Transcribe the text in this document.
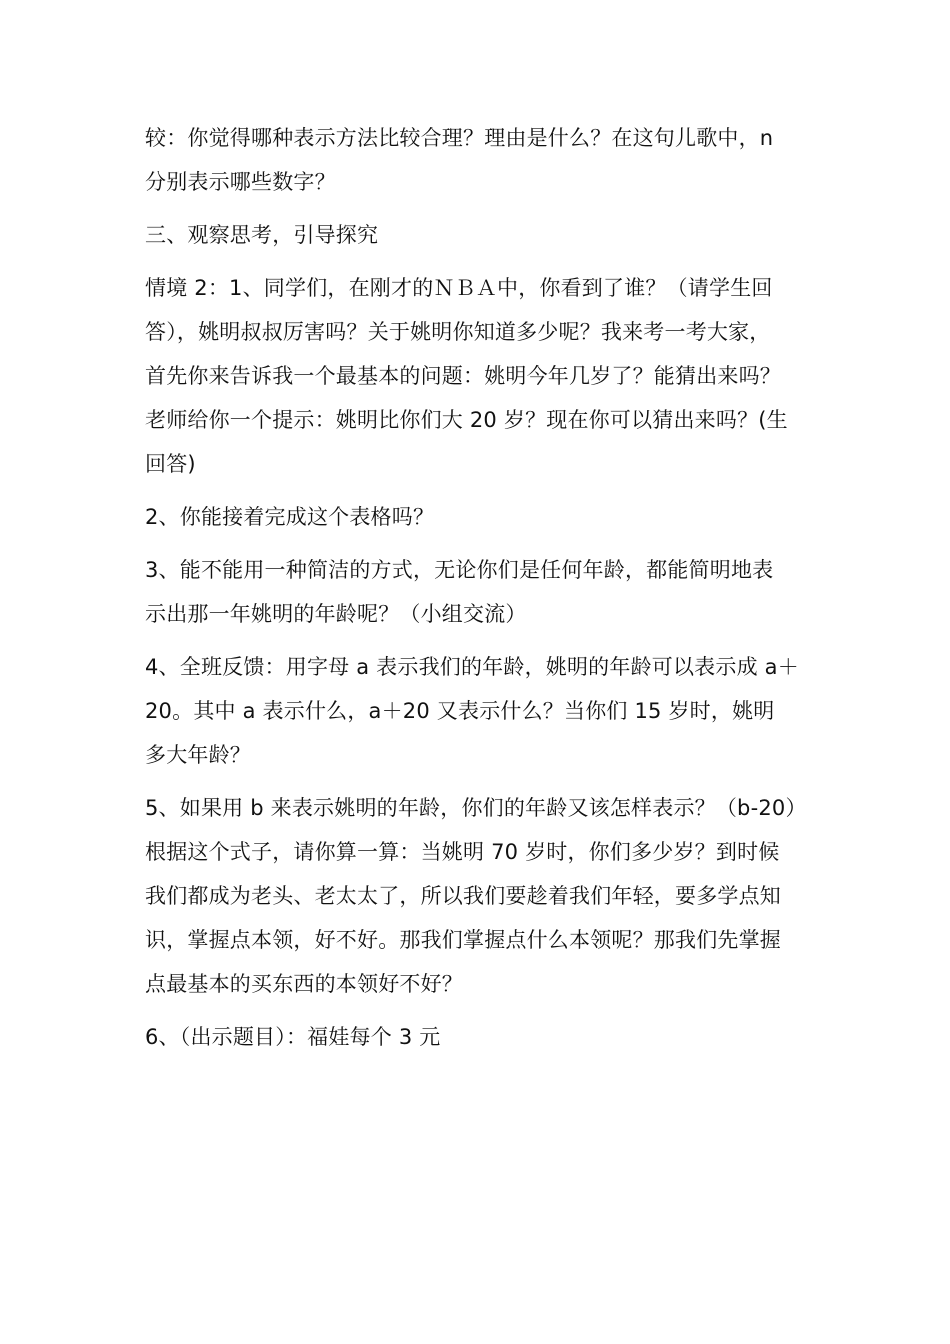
较：你觉得哪种表示方法比较合理？理由是什么？在这句儿歌中，n
分别表示哪些数字？

三、观察思考，引导探究

情境 2：1、同学们，在刚才的ＮＢＡ中，你看到了谁？（请学生回
答），姚明叔叔厉害吗？关于姚明你知道多少呢？我来考一考大家，
首先你来告诉我一个最基本的问题：姚明今年几岁了？能猜出来吗？
老师给你一个提示：姚明比你们大 20 岁？现在你可以猜出来吗？(生
回答)

2、你能接着完成这个表格吗？

3、能不能用一种简洁的方式，无论你们是任何年龄，都能简明地表
示出那一年姚明的年龄呢？（小组交流）

4、全班反馈：用字母 a 表示我们的年龄，姚明的年龄可以表示成 a＋
20。其中 a 表示什么，a＋20 又表示什么？当你们 15 岁时，姚明
多大年龄？

5、如果用 b 来表示姚明的年龄，你们的年龄又该怎样表示？（b-20）
根据这个式子，请你算一算：当姚明 70 岁时，你们多少岁？到时候
我们都成为老头、老太太了，所以我们要趁着我们年轻，要多学点知
识，掌握点本领，好不好。那我们掌握点什么本领呢？那我们先掌握
点最基本的买东西的本领好不好？

6、（出示题目）：福娃每个 3 元
